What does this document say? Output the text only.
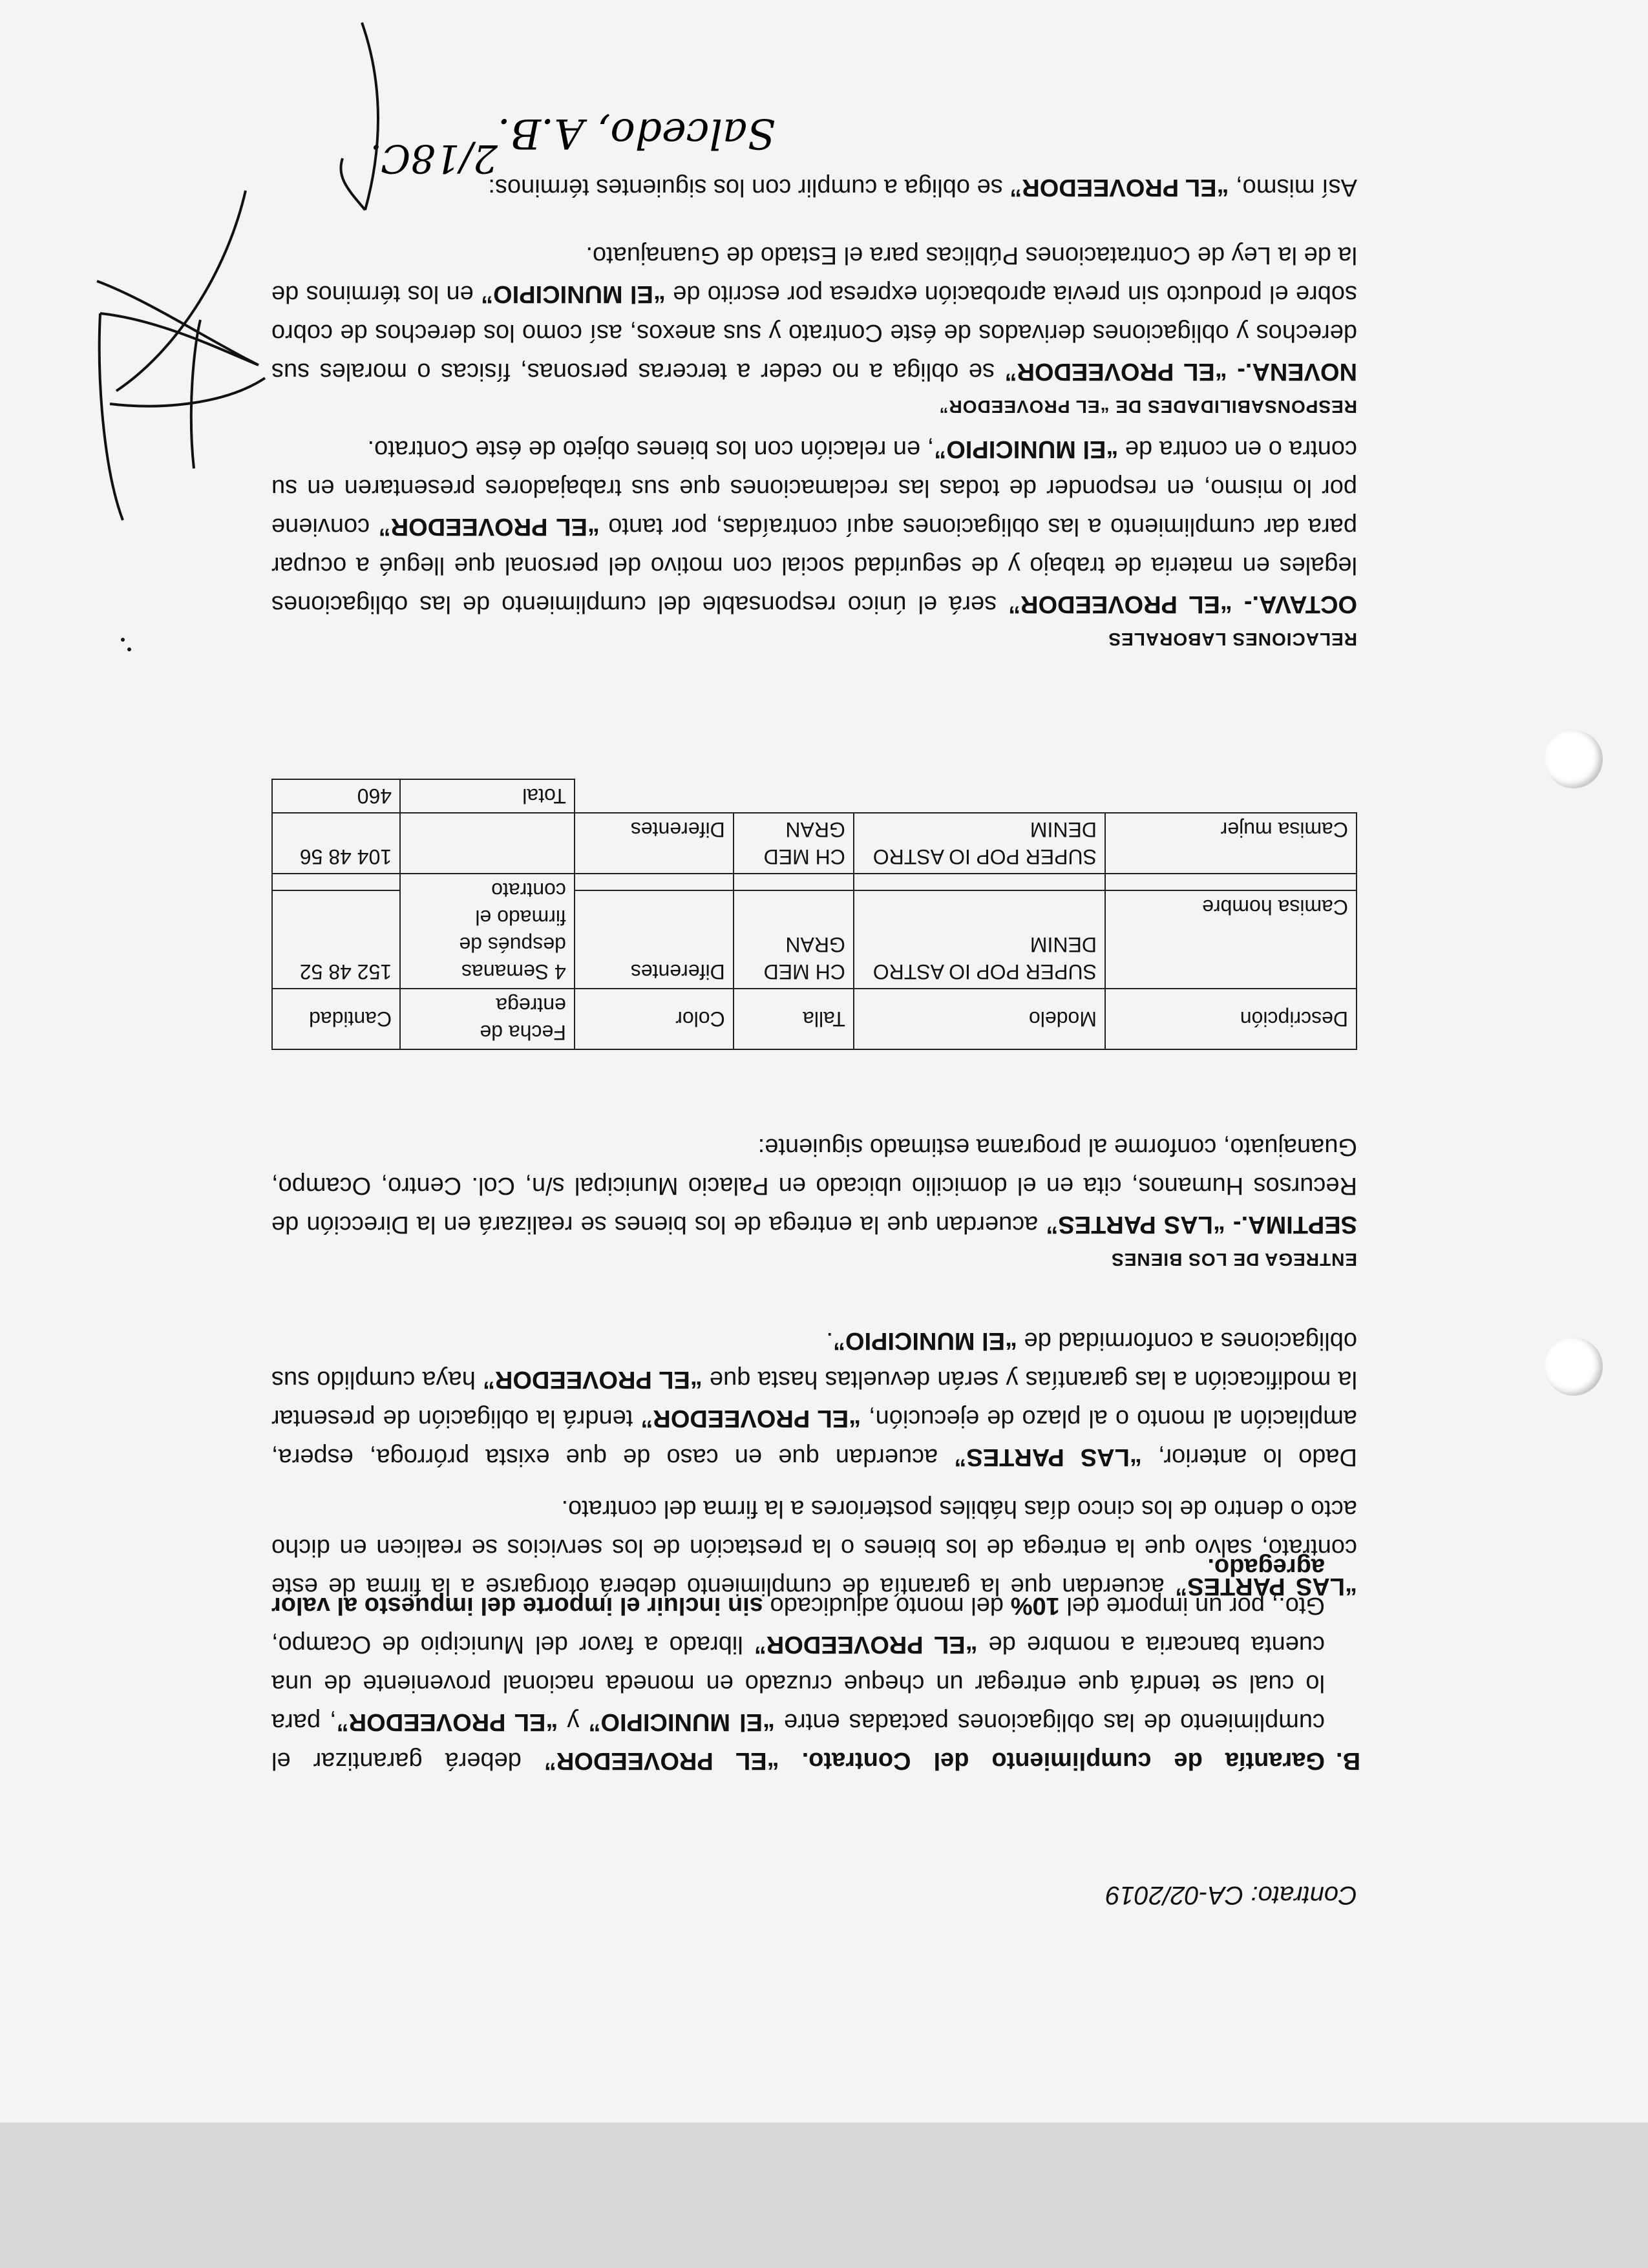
Contrato: CA-02/2019

B.
Garantía de cumplimiento del Contrato. “EL PROVEEDOR” deberá garantizar el cumplimiento de las obligaciones pactadas entre “El MUNICIPIO” y “EL PROVEEDOR”, para lo cual se tendrá que entregar un cheque cruzado en moneda nacional proveniente de una cuenta bancaria a nombre de “EL PROVEEDOR” librado a favor del Municipio de Ocampo, Gto., por un importe del 10% del monto adjudicado sin incluir el importe del impuesto al valor agregado.

“LAS PARTES” acuerdan que la garantía de cumplimiento deberá otorgarse a la firma de este contrato, salvo que la entrega de los bienes o la prestación de los servicios se realicen en dicho acto o dentro de los cinco días hábiles posteriores a la firma del contrato.

Dado lo anterior, “LAS PARTES” acuerdan que en caso de que exista prórroga, espera, ampliación al monto o al plazo de ejecución, “EL PROVEEDOR” tendrá la obligación de presentar la modificación a las garantías y serán devueltas hasta que “EL PROVEEDOR” haya cumplido sus obligaciones a conformidad de “El MUNICIPIO”.

ENTREGA DE LOS BIENES

SEPTIMA.- “LAS PARTES” acuerdan que la entrega de los bienes se realizará en la Dirección de Recursos Humanos, cita en el domicilio ubicado en Palacio Municipal s/n, Col. Centro, Ocampo, Guanajuato, conforme al programa estimado siguiente:

Descripción	Modelo	Talla	Color	Fecha de entrega	Cantidad
Camisa hombre	SUPER POP IO ASTRO DENIM	CH MED GRAN	Diferentes	4 Semanas después de firmado el contrato	152 48 52

Camisa mujer	SUPER POP IO ASTRO DENIM	CH MED GRAN	Diferentes		104 48 56
				Total	460
RELACIONES LABORALES

OCTAVA.- “EL PROVEEDOR” será el único responsable del cumplimiento de las obligaciones legales en materia de trabajo y de seguridad social con motivo del personal que llegué a ocupar para dar cumplimiento a las obligaciones aquí contraídas, por tanto “EL PROVEEDOR” conviene por lo mismo, en responder de todas las reclamaciones que sus trabajadores presentaren en su contra o en contra de “El MUNICIPIO”, en relación con los bienes objeto de éste Contrato.

RESPONSABILIDADES DE “EL PROVEEDOR”

NOVENA.- “EL PROVEEDOR” se obliga a no ceder a terceras personas, físicas o morales sus derechos y obligaciones derivados de éste Contrato y sus anexos, así como los derechos de cobro sobre el producto sin previa aprobación expresa por escrito de “El MUNICIPIO” en los términos de la de la Ley de Contrataciones Públicas para el Estado de Guanajuato.

Así mismo, “EL PROVEEDOR” se obliga a cumplir con los siguientes términos:

Salcedo, A.B.
2/18C.
